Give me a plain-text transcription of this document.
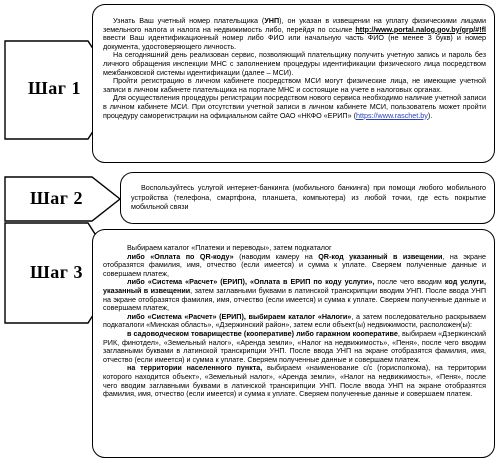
Шаг 1
Шаг 2
Шаг 3

Узнать Ваш учетный номер плательщика (УНП), он указан в извещении на уплату физическими лицами земельного налога и налога на недвижимость либо, перейдя по ссылке http://www.portal.nalog.gov.by/grp/#!fl ввести Ваш идентификационный номер либо ФИО или начальную часть ФИО (не менее 3 букв) и номер документа, удостоверяющего личность.

На сегодняшний день реализован сервис, позволяющий плательщику получить учетную запись и пароль без личного обращения инспекции МНС с заполнением процедуры идентификации физического лица посредством межбанковской системы идентификации (далее – МСИ).

Пройти регистрацию в личном кабинете посредством МСИ могут физические лица, не имеющие учетной записи в личном кабинете плательщика на портале МНС и состоящие на учете в налоговых органах.

Для осуществления процедуры регистрации посредством нового сервиса необходимо наличие учетной записи в личном кабинете МСИ. При отсутствии учетной записи в личном кабинете МСИ, пользователь может пройти процедуру саморегистрации на официальном сайте ОАО «НКФО «ЕРИП» (https://www.raschet.by).

Воспользуйтесь услугой интернет-банкинга (мобильного банкинга) при помощи любого мобильного устройства (телефона, смартфона, планшета, компьютера) из любой точки, где есть покрытие мобильной связи

Выбираем каталог «Платежи и переводы», затем подкаталог

либо «Оплата по QR-коду» (наводим камеру на QR-код указанный в извещении, на экране отобразятся фамилия, имя, отчество (если имеется) и сумма к уплате. Сверяем полученные данные и совершаем платеж,

либо «Система «Расчет» (ЕРИП), «Оплата в ЕРИП по коду услуги», после чего вводим код услуги, указанный в извещении, затем заглавными буквами в латинской транскрипции вводим УНП. После ввода УНП на экране отобразятся фамилия, имя, отчество (если имеется) и сумма к уплате. Сверяем полученные данные и совершаем платеж,

либо «Система «Расчет» (ЕРИП), выбираем каталог «Налоги», а затем последовательно раскрываем подкаталоги «Минская область», «Дзержинский район», затем если объект(ы) недвижимости, расположен(ы):

в садоводческом товариществе (кооперативе) либо гаражном кооперативе, выбираем «Дзержинский РИК, финотдел», «Земельный налог», «Аренда земли», «Налог на недвижимость», «Пеня», после чего вводим заглавными буквами в латинской транскрипции УНП. После ввода УНП на экране отобразятся фамилия, имя, отчество (если имеется) и сумма к уплате. Сверяем полученные данные и совершаем платеж.

на территории населенного пункта, выбираем «наименование с/с (горисполкома), на территории которого находится объект», «Земельный налог», «Аренда земли», «Налог на недвижимость», «Пеня», после чего вводим заглавными буквами в латинской транскрипции УНП. После ввода УНП на экране отобразятся фамилия, имя, отчество (если имеется) и сумма к уплате. Сверяем полученные данные и совершаем платеж.
